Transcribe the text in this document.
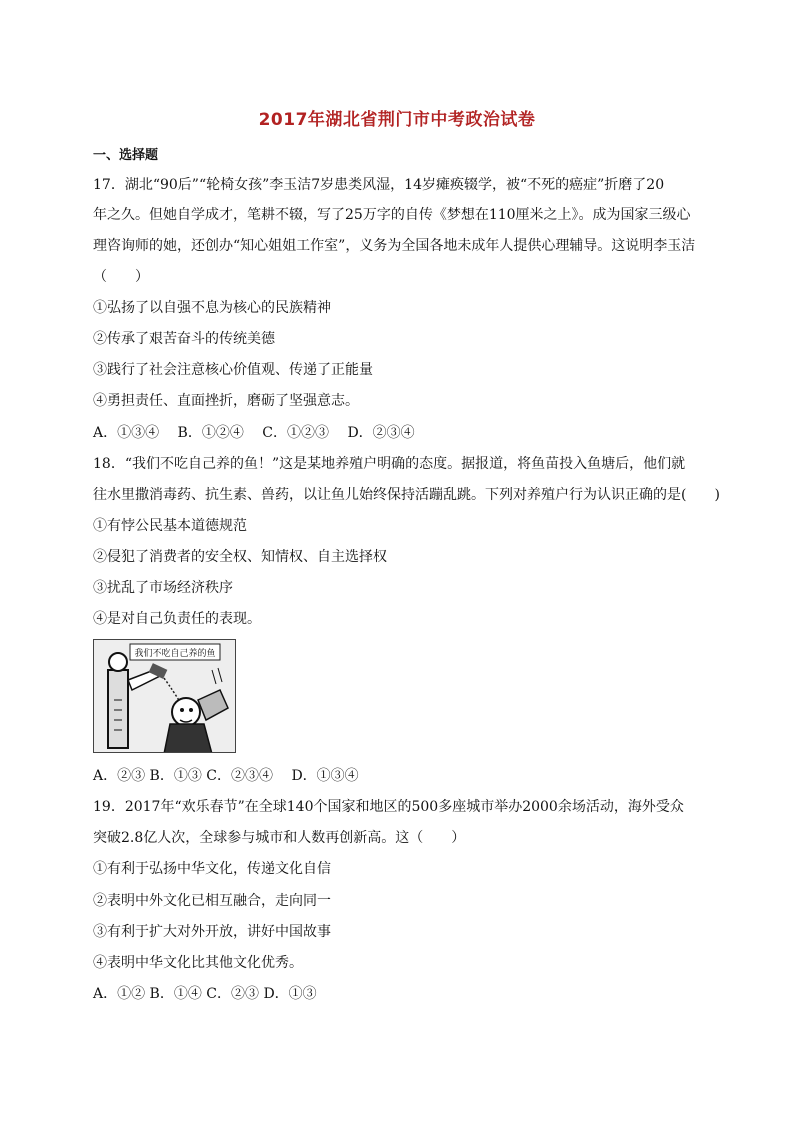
2017年湖北省荆门市中考政治试卷
一、选择题
17．湖北“90后”“轮椅女孩”李玉洁7岁患类风湿，14岁瘫痪辍学，被“不死的癌症”折磨了20
年之久。但她自学成才，笔耕不辍，写了25万字的自传《梦想在110厘米之上》。成为国家三级心
理咨询师的她，还创办“知心姐姐工作室”，义务为全国各地未成年人提供心理辅导。这说明李玉洁
（　　）
①弘扬了以自强不息为核心的民族精神
②传承了艰苦奋斗的传统美德
③践行了社会注意核心价值观、传递了正能量
④勇担责任、直面挫折，磨砺了坚强意志。
A．①③④　 B．①②④　 C．①②③　 D．②③④
18．“我们不吃自己养的鱼！”这是某地养殖户明确的态度。据报道，将鱼苗投入鱼塘后，他们就
往水里撒消毒药、抗生素、兽药，以让鱼儿始终保持活蹦乱跳。下列对养殖户行为认识正确的是(　　)
①有悖公民基本道德规范
②侵犯了消费者的安全权、知情权、自主选择权
③扰乱了市场经济秩序
④是对自己负责任的表现。
我们不吃自己养的鱼
A．②③ B．①③ C．②③④　 D．①③④
19．2017年“欢乐春节”在全球140个国家和地区的500多座城市举办2000余场活动，海外受众
突破2.8亿人次，全球参与城市和人数再创新高。这（　　）
①有利于弘扬中华文化，传递文化自信
②表明中外文化已相互融合，走向同一
③有利于扩大对外开放，讲好中国故事
④表明中华文化比其他文化优秀。
A．①② B．①④ C．②③ D．①③
